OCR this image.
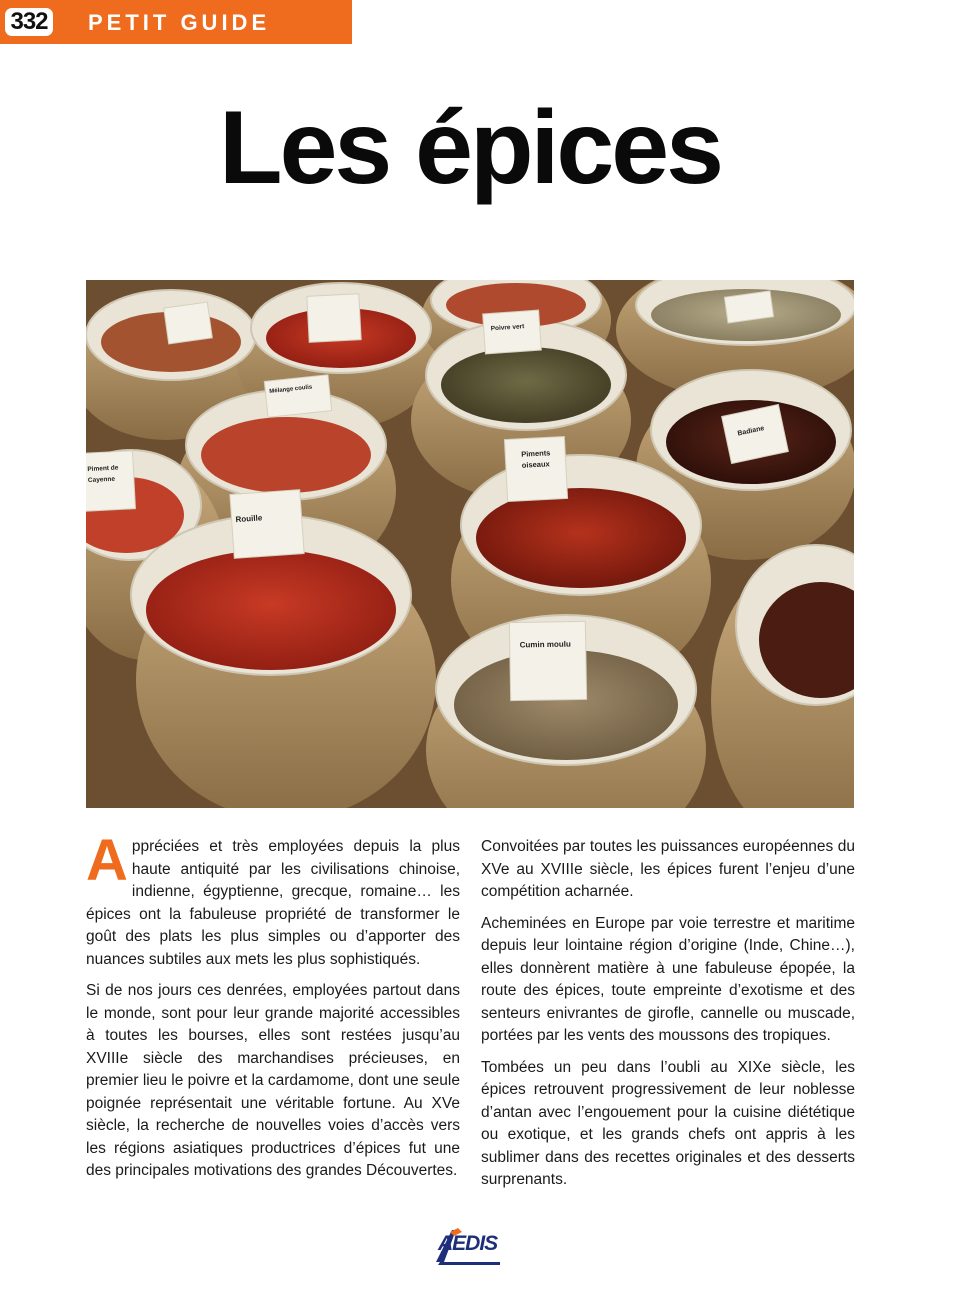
332 PETIT GUIDE
Les épices
Rouille
Cumin moulu
Piments
oiseaux
Poivre vert
Badiane
Piment de
Cayenne
Mélange coulis

Appréciées et très employées depuis la plus haute antiquité par les civilisations chinoise, indienne, égyptienne, grecque, romaine… les épices ont la fabuleuse propriété de transformer le goût des plats les plus simples ou d’apporter des nuances subtiles aux mets les plus sophistiqués.

Si de nos jours ces denrées, employées partout dans le monde, sont pour leur grande majorité accessibles à toutes les bourses, elles sont restées jusqu’au XVIIIe siècle des marchandises précieuses, en premier lieu le poivre et la cardamome, dont une seule poignée représentait une véritable fortune. Au XVe siècle, la recherche de nouvelles voies d’accès vers les régions asiatiques productrices d’épices fut une des principales motivations des grandes Découvertes.

Convoitées par toutes les puissances européennes du XVe au XVIIIe siècle, les épices furent l’enjeu d’une compétition acharnée.

Acheminées en Europe par voie terrestre et maritime depuis leur lointaine région d’origine (Inde, Chine…), elles donnèrent matière à une fabuleuse épopée, la route des épices, toute empreinte d’exotisme et des senteurs enivrantes de girofle, cannelle ou muscade, portées par les vents des moussons des tropiques.

Tombées un peu dans l’oubli au XIXe siècle, les épices retrouvent progressivement de leur noblesse d’antan avec l’engouement pour la cuisine diététique ou exotique, et les grands chefs ont appris à les sublimer dans des recettes originales et des desserts surprenants.

AEDIS
